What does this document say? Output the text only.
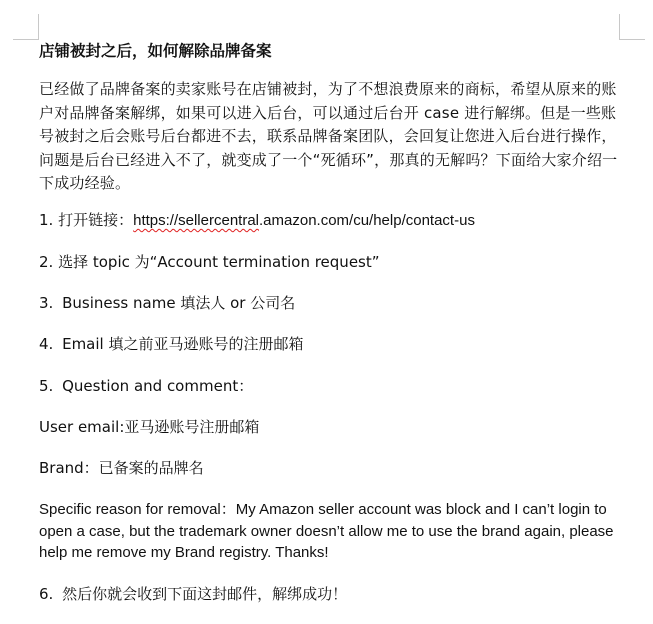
店铺被封之后，如何解除品牌备案

已经做了品牌备案的卖家账号在店铺被封，为了不想浪费原来的商标，希望从原来的账户对品牌备案解绑，如果可以进入后台，可以通过后台开 case 进行解绑。但是一些账号被封之后会账号后台都进不去，联系品牌备案团队，会回复让您进入后台进行操作，问题是后台已经进入不了，就变成了一个“死循环”，那真的无解吗？下面给大家介绍一下成功经验。

1. 打开链接：https://sellercentral.amazon.com/cu/help/contact-us

2. 选择 topic 为“Account termination request”

3. Business name 填法人 or 公司名

4. Email 填之前亚马逊账号的注册邮箱

5. Question and comment：

User email:亚马逊账号注册邮箱

Brand：已备案的品牌名

Specific reason for removal：My Amazon seller account was block and I can’t login to open a case, but the trademark owner doesn’t allow me to use the brand again, please help me remove my Brand registry. Thanks!

6. 然后你就会收到下面这封邮件，解绑成功！
